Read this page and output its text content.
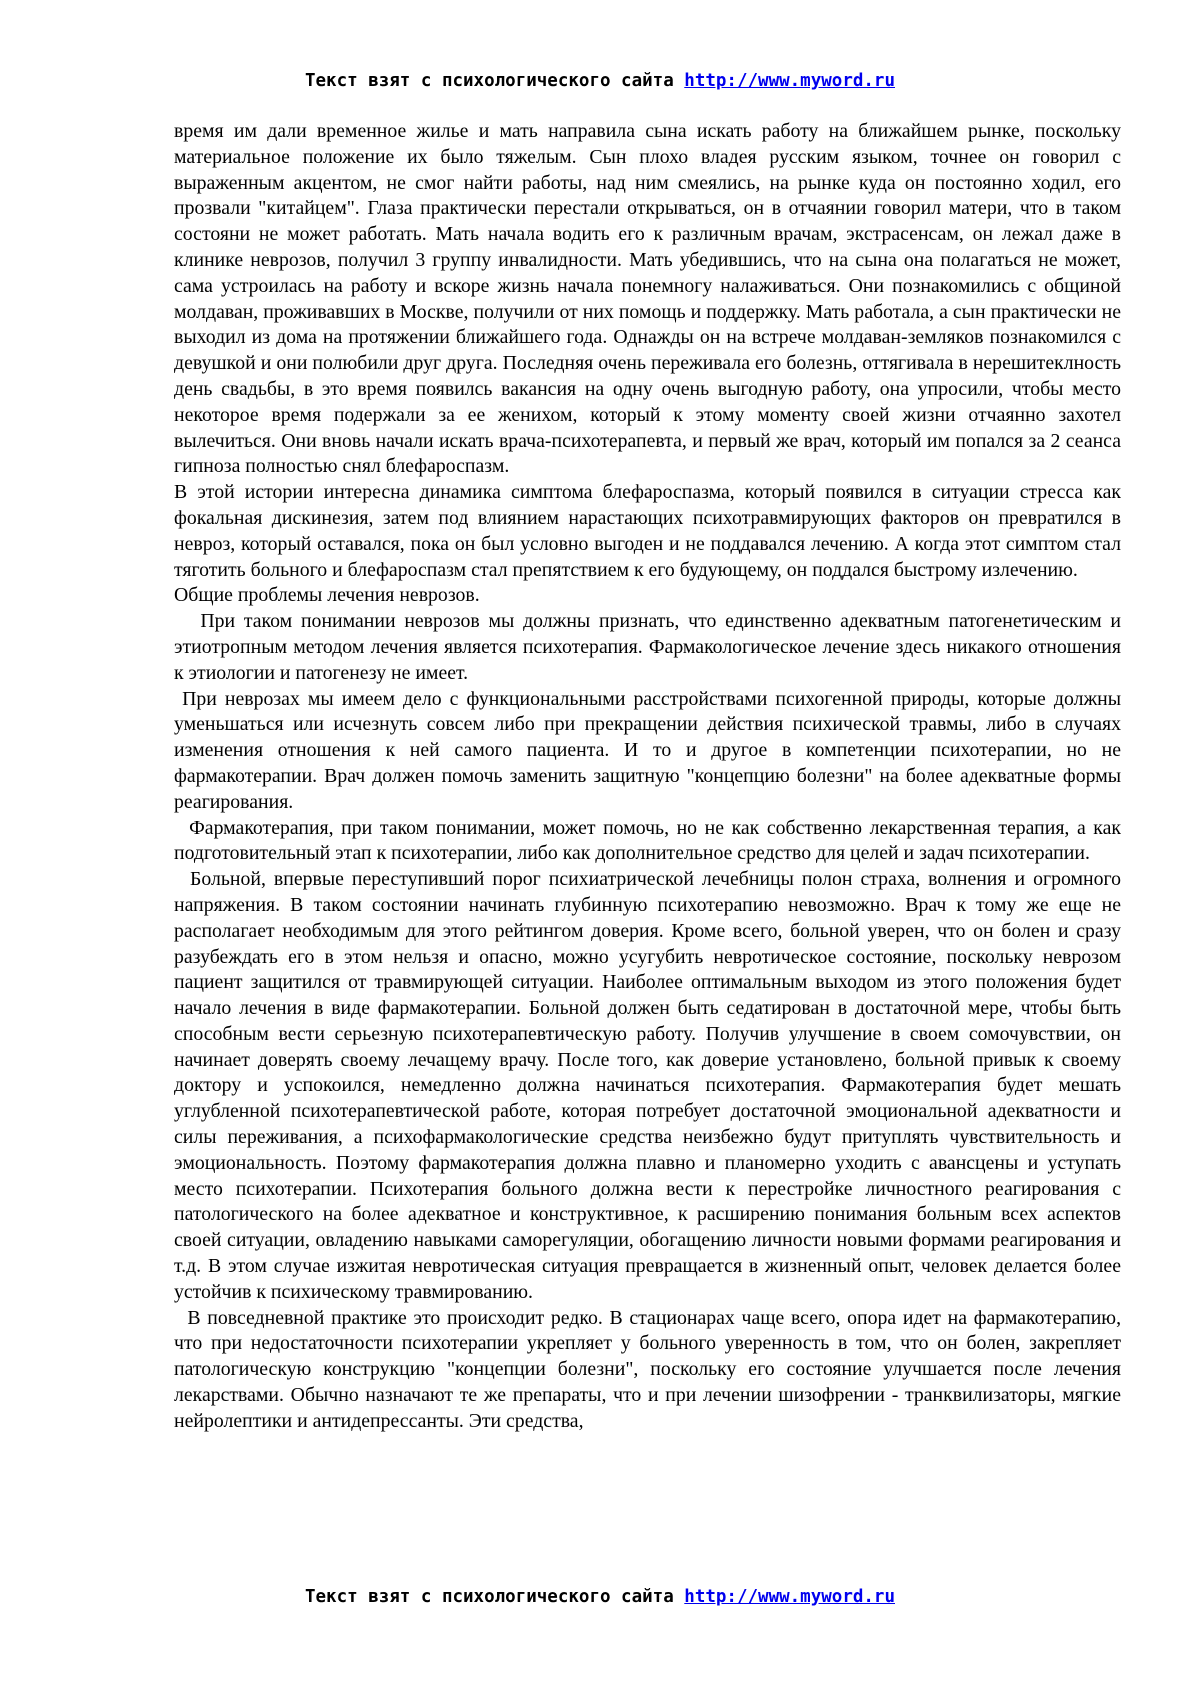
Текст взят с психологического сайта http://www.myword.ru

время им дали временное жилье и мать направила сына искать работу на ближайшем рынке, поскольку материальное положение их было тяжелым. Сын плохо владея русским языком, точнее он говорил с выраженным акцентом, не смог найти работы, над ним смеялись, на рынке куда он постоянно ходил, его прозвали "китайцем". Глаза практически перестали открываться, он в отчаянии говорил матери, что в таком состояни не может работать. Мать начала водить его к различным врачам, экстрасенсам, он лежал даже в клинике неврозов, получил 3 группу инвалидности. Мать убедившись, что на сына она полагаться не может, сама устроилась на работу и вскоре жизнь начала понемногу налаживаться. Они познакомились с общиной молдаван, проживавших в Москве, получили от них помощь и поддержку. Мать работала, а сын практически не выходил из дома на протяжении ближайшего года. Однажды он на встрече молдаван-земляков познакомился с девушкой и они полюбили друг друга. Последняя очень переживала его болезнь, оттягивала в нерешитеклность день свадьбы, в это время появилсь вакансия на одну очень выгодную работу, она упросили, чтобы место некоторое время подержали за ее женихом, который к этому моменту своей жизни отчаянно захотел вылечиться. Они вновь начали искать врача-психотерапевта, и первый же врач, который им попался за 2 сеанса гипноза полностью снял блефароспазм.

В этой истории интересна динамика симптома блефароспазма, который появился в ситуации стресса как фокальная дискинезия, затем под влиянием нарастающих психотравмирующих факторов он превратился в невроз, который оставался, пока он был условно выгоден и не поддавался лечению. А когда этот симптом стал тяготить больного и блефароспазм стал препятствием к его будующему, он поддался быстрому излечению.

Общие проблемы лечения неврозов.

При таком понимании неврозов мы должны признать, что единственно адекватным патогенетическим и этиотропным методом лечения является психотерапия. Фармакологическое лечение здесь никакого отношения к этиологии и патогенезу не имеет.

При неврозах мы имеем дело с функциональными расстройствами психогенной природы, которые должны уменьшаться или исчезнуть совсем либо при прекращении действия психической травмы, либо в случаях изменения отношения к ней самого пациента. И то и другое в компетенции психотерапии, но не фармакотерапии. Врач должен помочь заменить защитную "концепцию болезни" на более адекватные формы реагирования.

Фармакотерапия, при таком понимании, может помочь, но не как собственно лекарственная терапия, а как подготовительный этап к психотерапии, либо как дополнительное средство для целей и задач психотерапии.

Больной, впервые переступивший порог психиатрической лечебницы полон страха, волнения и огромного напряжения. В таком состоянии начинать глубинную психотерапию невозможно. Врач к тому же еще не располагает необходимым для этого рейтингом доверия. Кроме всего, больной уверен, что он болен и сразу разубеждать его в этом нельзя и опасно, можно усугубить невротическое состояние, поскольку неврозом пациент защитился от травмирующей ситуации. Наиболее оптимальным выходом из этого положения будет начало лечения в виде фармакотерапии. Больной должен быть седатирован в достаточной мере, чтобы быть способным вести серьезную психотерапевтическую работу. Получив улучшение в своем сомочувствии, он начинает доверять своему лечащему врачу. После того, как доверие установлено, больной привык к своему доктору и успокоился, немедленно должна начинаться психотерапия. Фармакотерапия будет мешать углубленной психотерапевтической работе, которая потребует достаточной эмоциональной адекватности и силы переживания, а психофармакологические средства неизбежно будут притуплять чувствительность и эмоциональность. Поэтому фармакотерапия должна плавно и планомерно уходить с авансцены и уступать место психотерапии. Психотерапия больного должна вести к перестройке личностного реагирования с патологического на более адекватное и конструктивное, к расширению понимания больным всех аспектов своей ситуации, овладению навыками саморегуляции, обогащению личности новыми формами реагирования и т.д. В этом случае изжитая невротическая ситуация превращается в жизненный опыт, человек делается более устойчив к психическому травмированию.

В повседневной практике это происходит редко. В стационарах чаще всего, опора идет на фармакотерапию, что при недостаточности психотерапии укрепляет у больного уверенность в том, что он болен, закрепляет патологическую конструкцию "концепции болезни", поскольку его состояние улучшается после лечения лекарствами. Обычно назначают те же препараты, что и при лечении шизофрении - транквилизаторы, мягкие нейролептики и антидепрессанты. Эти средства,

Текст взят с психологического сайта http://www.myword.ru
